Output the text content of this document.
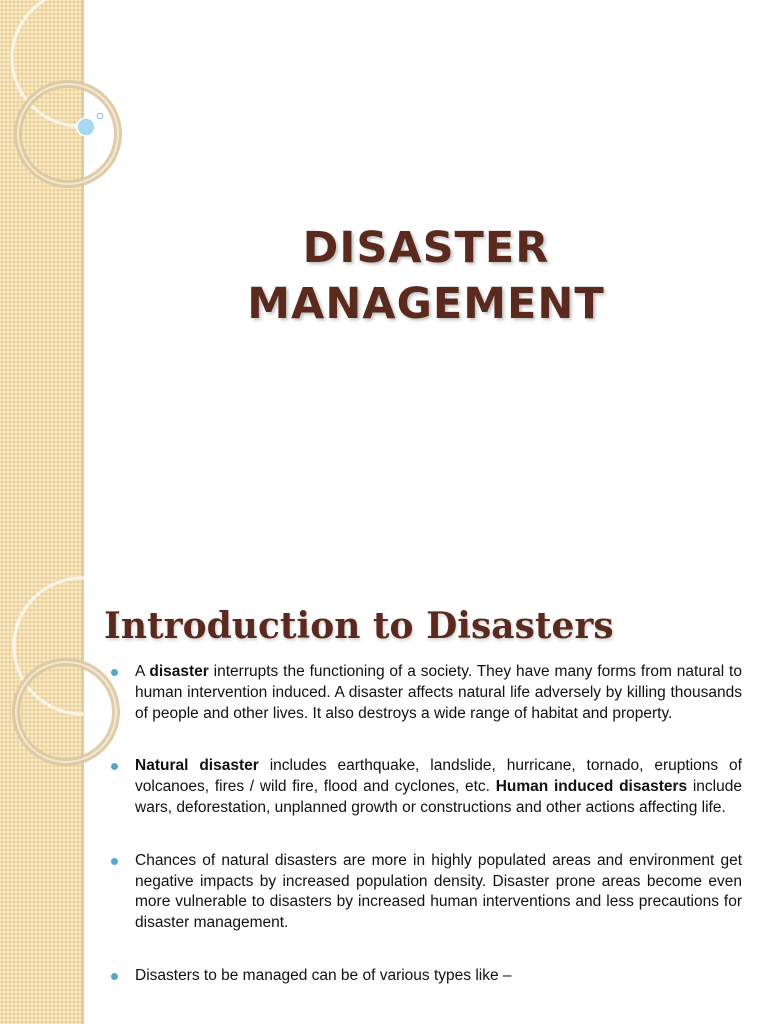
DISASTER
MANAGEMENT
Introduction to Disasters
A disaster interrupts the functioning of a society. They have many forms from natural to human intervention induced. A disaster affects natural life adversely by killing thousands of people and other lives. It also destroys a wide range of habitat and property.
Natural disaster includes earthquake, landslide, hurricane, tornado, eruptions of volcanoes, fires / wild fire, flood and cyclones, etc. Human induced disasters include wars, deforestation, unplanned growth or constructions and other actions affecting life.
Chances of natural disasters are more in highly populated areas and environment get negative impacts by increased population density. Disaster prone areas become even more vulnerable to disasters by increased human interventions and less precautions for disaster management.
Disasters to be managed can be of various types like –
